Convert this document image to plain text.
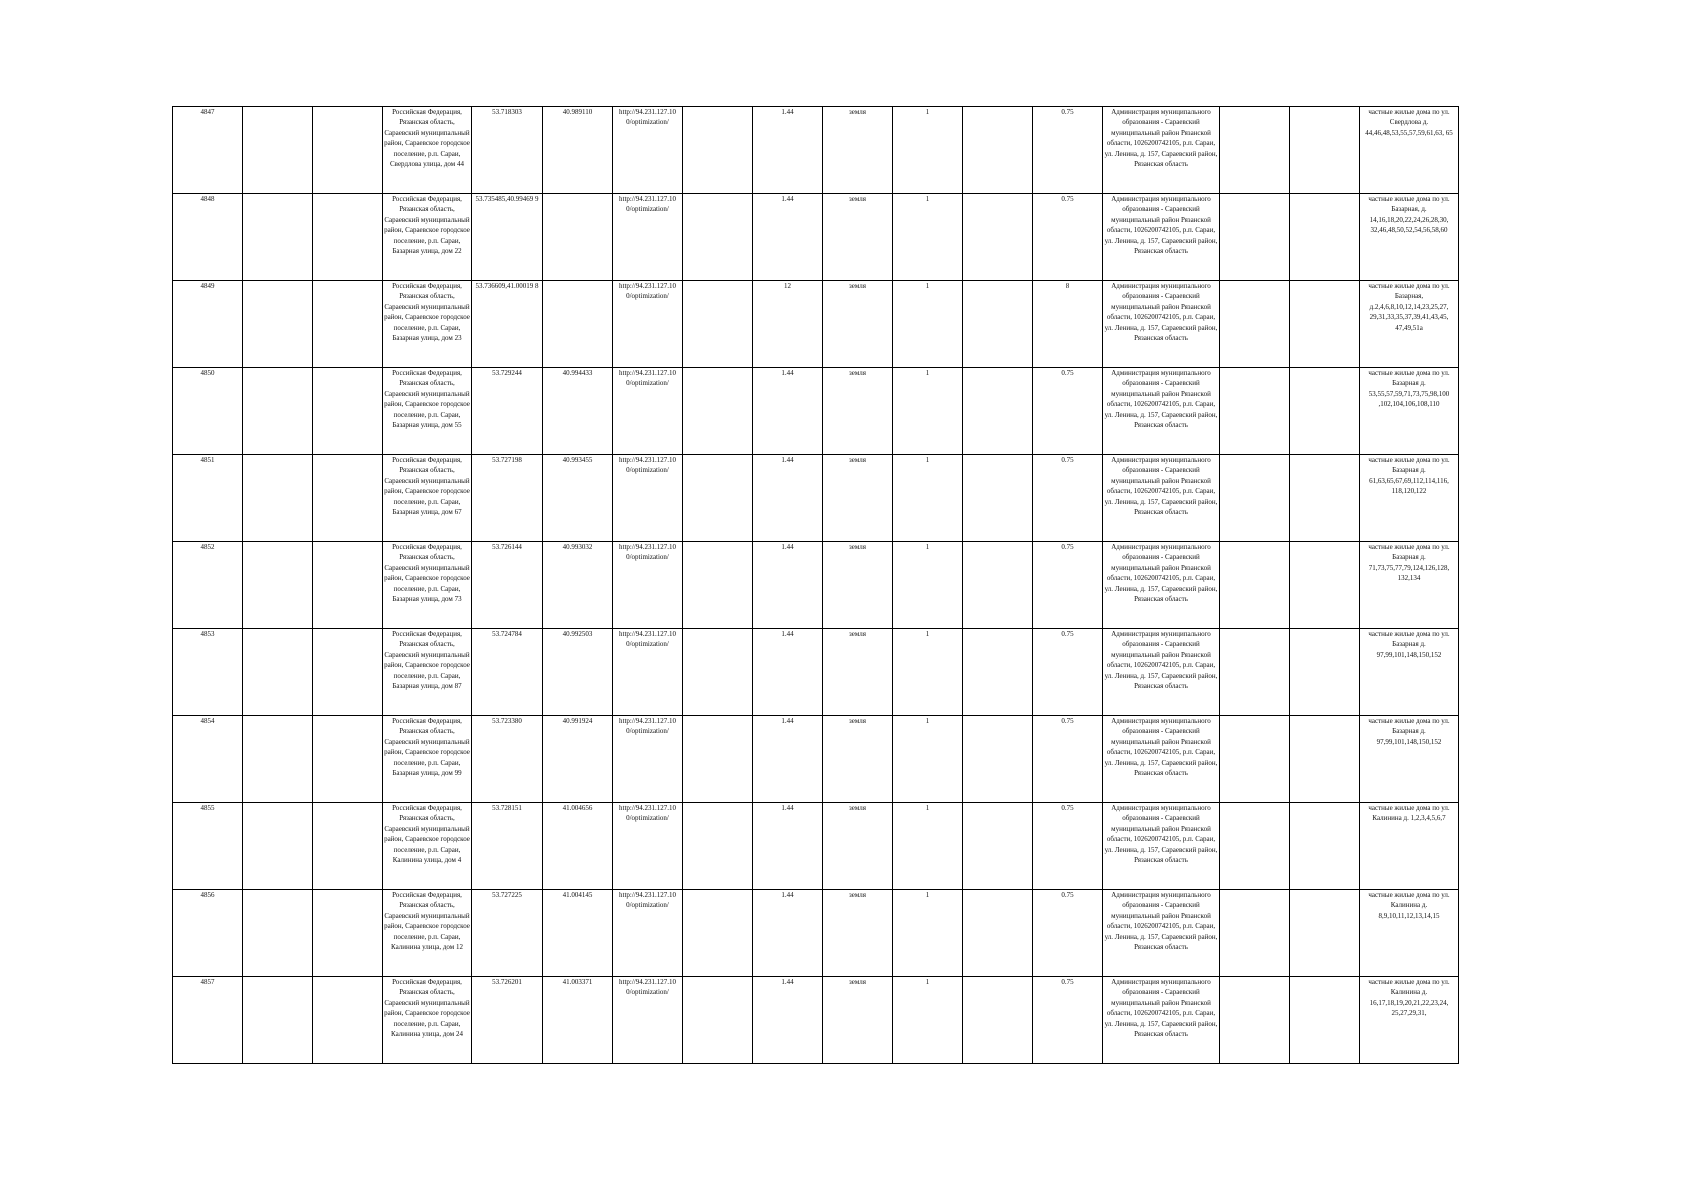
4847			Российская Федерация, Рязанская область, Сараевский муниципальный район, Сараевское городское поселение, р.п. Сараи, Свердлова улица, дом 44	53.718303	40.989110	http://94.231.127.10 0/optimization/		1.44	земля	1		0.75	Администрация муниципального образования - Сараевский муниципальный район Рязанской области, 1026200742105, р.п. Сараи, ул. Ленина, д. 157, Сараевский район, Рязанская область			частные жилые дома по ул. Свердлова д. 44,46,48,53,55,57,59,61,63, 65
4848			Российская Федерация, Рязанская область, Сараевский муниципальный район, Сараевское городское поселение, р.п. Сараи, Базарная улица, дом 22	53.735485,40.99469 9		http://94.231.127.10 0/optimization/		1.44	земля	1		0.75	Администрация муниципального образования - Сараевский муниципальный район Рязанской области, 1026200742105, р.п. Сараи, ул. Ленина, д. 157, Сараевский район, Рязанская область			частные жилые дома по ул. Базарная, д. 14,16,18,20,22,24,26,28,30, 32,46,48,50,52,54,56,58,60
4849			Российская Федерация, Рязанская область, Сараевский муниципальный район, Сараевское городское поселение, р.п. Сараи, Базарная улица, дом 23	53.736609,41.00019 8		http://94.231.127.10 0/optimization/		12	земля	1		8	Администрация муниципального образования - Сараевский муниципальный район Рязанской области, 1026200742105, р.п. Сараи, ул. Ленина, д. 157, Сараевский район, Рязанская область			частные жилые дома по ул. Базарная, д.2,4,6,8,10,12,14,23,25,27, 29,31,33,35,37,39,41,43,45, 47,49,51а
4850			Российская Федерация, Рязанская область, Сараевский муниципальный район, Сараевское городское поселение, р.п. Сараи, Базарная улица, дом 55	53.729244	40.994433	http://94.231.127.10 0/optimization/		1.44	земля	1		0.75	Администрация муниципального образования - Сараевский муниципальный район Рязанской области, 1026200742105, р.п. Сараи, ул. Ленина, д. 157, Сараевский район, Рязанская область			частные жилые дома по ул. Базарная д. 53,55,57,59,71,73,75,98,100 ,102,104,106,108,110
4851			Российская Федерация, Рязанская область, Сараевский муниципальный район, Сараевское городское поселение, р.п. Сараи, Базарная улица, дом 67	53.727198	40.993455	http://94.231.127.10 0/optimization/		1.44	земля	1		0.75	Администрация муниципального образования - Сараевский муниципальный район Рязанской области, 1026200742105, р.п. Сараи, ул. Ленина, д. 157, Сараевский район, Рязанская область			частные жилые дома по ул. Базарная д. 61,63,65,67,69,112,114,116, 118,120,122
4852			Российская Федерация, Рязанская область, Сараевский муниципальный район, Сараевское городское поселение, р.п. Сараи, Базарная улица, дом 73	53.726144	40.993032	http://94.231.127.10 0/optimization/		1.44	земля	1		0.75	Администрация муниципального образования - Сараевский муниципальный район Рязанской области, 1026200742105, р.п. Сараи, ул. Ленина, д. 157, Сараевский район, Рязанская область			частные жилые дома по ул. Базарная д. 71,73,75,77,79,124,126,128, 132,134
4853			Российская Федерация, Рязанская область, Сараевский муниципальный район, Сараевское городское поселение, р.п. Сараи, Базарная улица, дом 87	53.724784	40.992503	http://94.231.127.10 0/optimization/		1.44	земля	1		0.75	Администрация муниципального образования - Сараевский муниципальный район Рязанской области, 1026200742105, р.п. Сараи, ул. Ленина, д. 157, Сараевский район, Рязанская область			частные жилые дома по ул. Базарная д. 97,99,101,148,150,152
4854			Российская Федерация, Рязанская область, Сараевский муниципальный район, Сараевское городское поселение, р.п. Сараи, Базарная улица, дом 99	53.723380	40.991924	http://94.231.127.10 0/optimization/		1.44	земля	1		0.75	Администрация муниципального образования - Сараевский муниципальный район Рязанской области, 1026200742105, р.п. Сараи, ул. Ленина, д. 157, Сараевский район, Рязанская область			частные жилые дома по ул. Базарная д. 97,99,101,148,150,152
4855			Российская Федерация, Рязанская область, Сараевский муниципальный район, Сараевское городское поселение, р.п. Сараи, Калинина улица, дом 4	53.728151	41.004656	http://94.231.127.10 0/optimization/		1.44	земля	1		0.75	Администрация муниципального образования - Сараевский муниципальный район Рязанской области, 1026200742105, р.п. Сараи, ул. Ленина, д. 157, Сараевский район, Рязанская область			частные жилые дома по ул. Калинина д. 1,2,3,4,5,6,7
4856			Российская Федерация, Рязанская область, Сараевский муниципальный район, Сараевское городское поселение, р.п. Сараи, Калинина улица, дом 12	53.727225	41.004145	http://94.231.127.10 0/optimization/		1.44	земля	1		0.75	Администрация муниципального образования - Сараевский муниципальный район Рязанской области, 1026200742105, р.п. Сараи, ул. Ленина, д. 157, Сараевский район, Рязанская область			частные жилые дома по ул. Калинина д. 8,9,10,11,12,13,14,15
4857			Российская Федерация, Рязанская область, Сараевский муниципальный район, Сараевское городское поселение, р.п. Сараи, Калинина улица, дом 24	53.726201	41.003371	http://94.231.127.10 0/optimization/		1.44	земля	1		0.75	Администрация муниципального образования - Сараевский муниципальный район Рязанской области, 1026200742105, р.п. Сараи, ул. Ленина, д. 157, Сараевский район, Рязанская область			частные жилые дома по ул. Калинина д. 16,17,18,19,20,21,22,23,24, 25,27,29,31,
